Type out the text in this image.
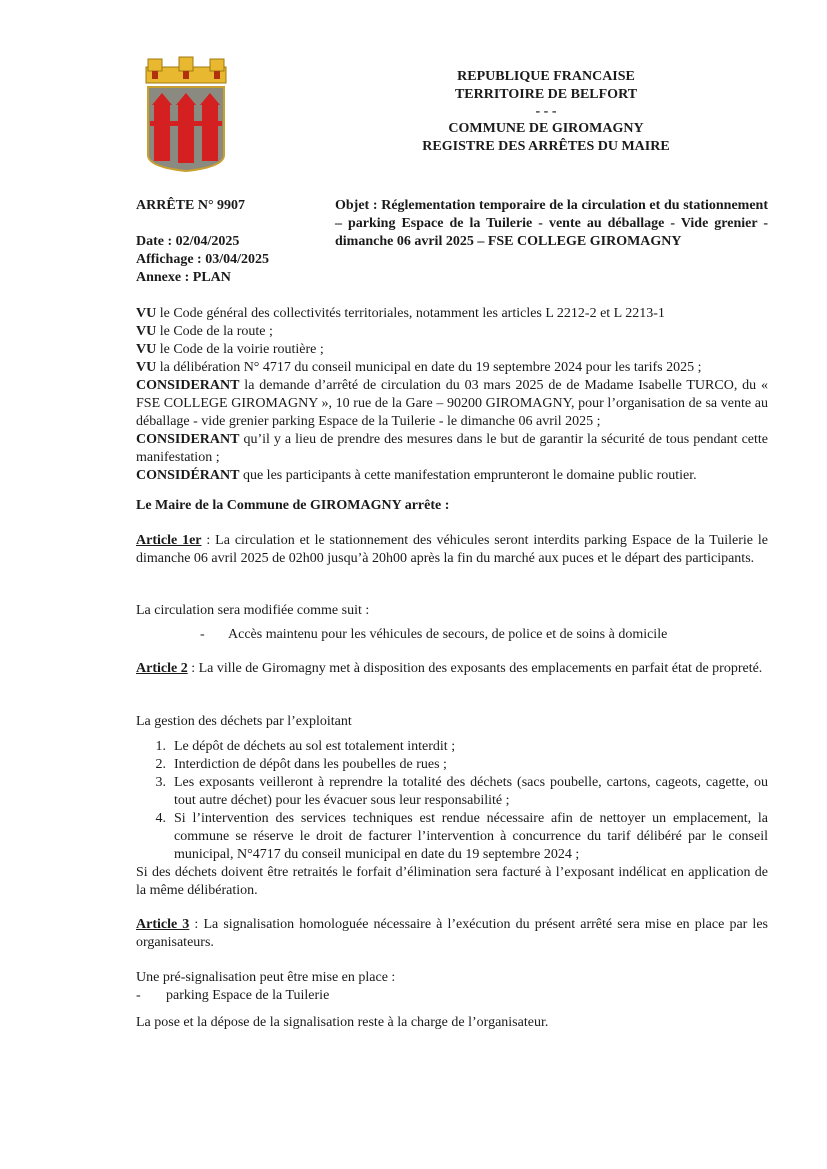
REPUBLIQUE FRANCAISE
TERRITOIRE DE BELFORT
- - -
COMMUNE DE GIROMAGNY
REGISTRE DES ARRÊTES DU MAIRE
ARRÊTE N° 9907
Date : 02/04/2025
Affichage : 03/04/2025
Annexe : PLAN
Objet : Réglementation temporaire de la circulation et du stationnement – parking Espace de la Tuilerie - vente au déballage - Vide grenier - dimanche 06 avril 2025 – FSE COLLEGE GIROMAGNY
VU le Code général des collectivités territoriales, notamment les articles L 2212-2 et L 2213-1
VU le Code de la route ;
VU le Code de la voirie routière ;
VU la délibération N° 4717 du conseil municipal en date du 19 septembre 2024 pour les tarifs 2025 ;
CONSIDERANT la demande d’arrêté de circulation du 03 mars 2025 de de Madame Isabelle TURCO, du « FSE COLLEGE GIROMAGNY », 10 rue de la Gare – 90200 GIROMAGNY, pour l’organisation de sa vente au déballage - vide grenier parking Espace de la Tuilerie - le dimanche 06 avril 2025 ;
CONSIDERANT qu’il y a lieu de prendre des mesures dans le but de garantir la sécurité de tous pendant cette manifestation ;
CONSIDÉRANT que les participants à cette manifestation emprunteront le domaine public routier.
Le Maire de la Commune de GIROMAGNY arrête :
Article 1er : La circulation et le stationnement des véhicules seront interdits parking Espace de la Tuilerie le dimanche 06 avril 2025 de 02h00 jusqu’à 20h00 après la fin du marché aux puces et le départ des participants.
La circulation sera modifiée comme suit :
- Accès maintenu pour les véhicules de secours, de police et de soins à domicile
Article 2 : La ville de Giromagny met à disposition des exposants des emplacements en parfait état de propreté.
La gestion des déchets par l’exploitant
1. Le dépôt de déchets au sol est totalement interdit ;
2. Interdiction de dépôt dans les poubelles de rues ;
3. Les exposants veilleront à reprendre la totalité des déchets (sacs poubelle, cartons, cageots, cagette, ou tout autre déchet) pour les évacuer sous leur responsabilité ;
4. Si l’intervention des services techniques est rendue nécessaire afin de nettoyer un emplacement, la commune se réserve le droit de facturer l’intervention à concurrence du tarif délibéré par le conseil municipal, N°4717 du conseil municipal en date du 19 septembre 2024 ;
Si des déchets doivent être retraités le forfait d’élimination sera facturé à l’exposant indélicat en application de la même délibération.
Article 3 : La signalisation homologuée nécessaire à l’exécution du présent arrêté sera mise en place par les organisateurs.
Une pré-signalisation peut être mise en place :
- parking Espace de la Tuilerie
La pose et la dépose de la signalisation reste à la charge de l’organisateur.
